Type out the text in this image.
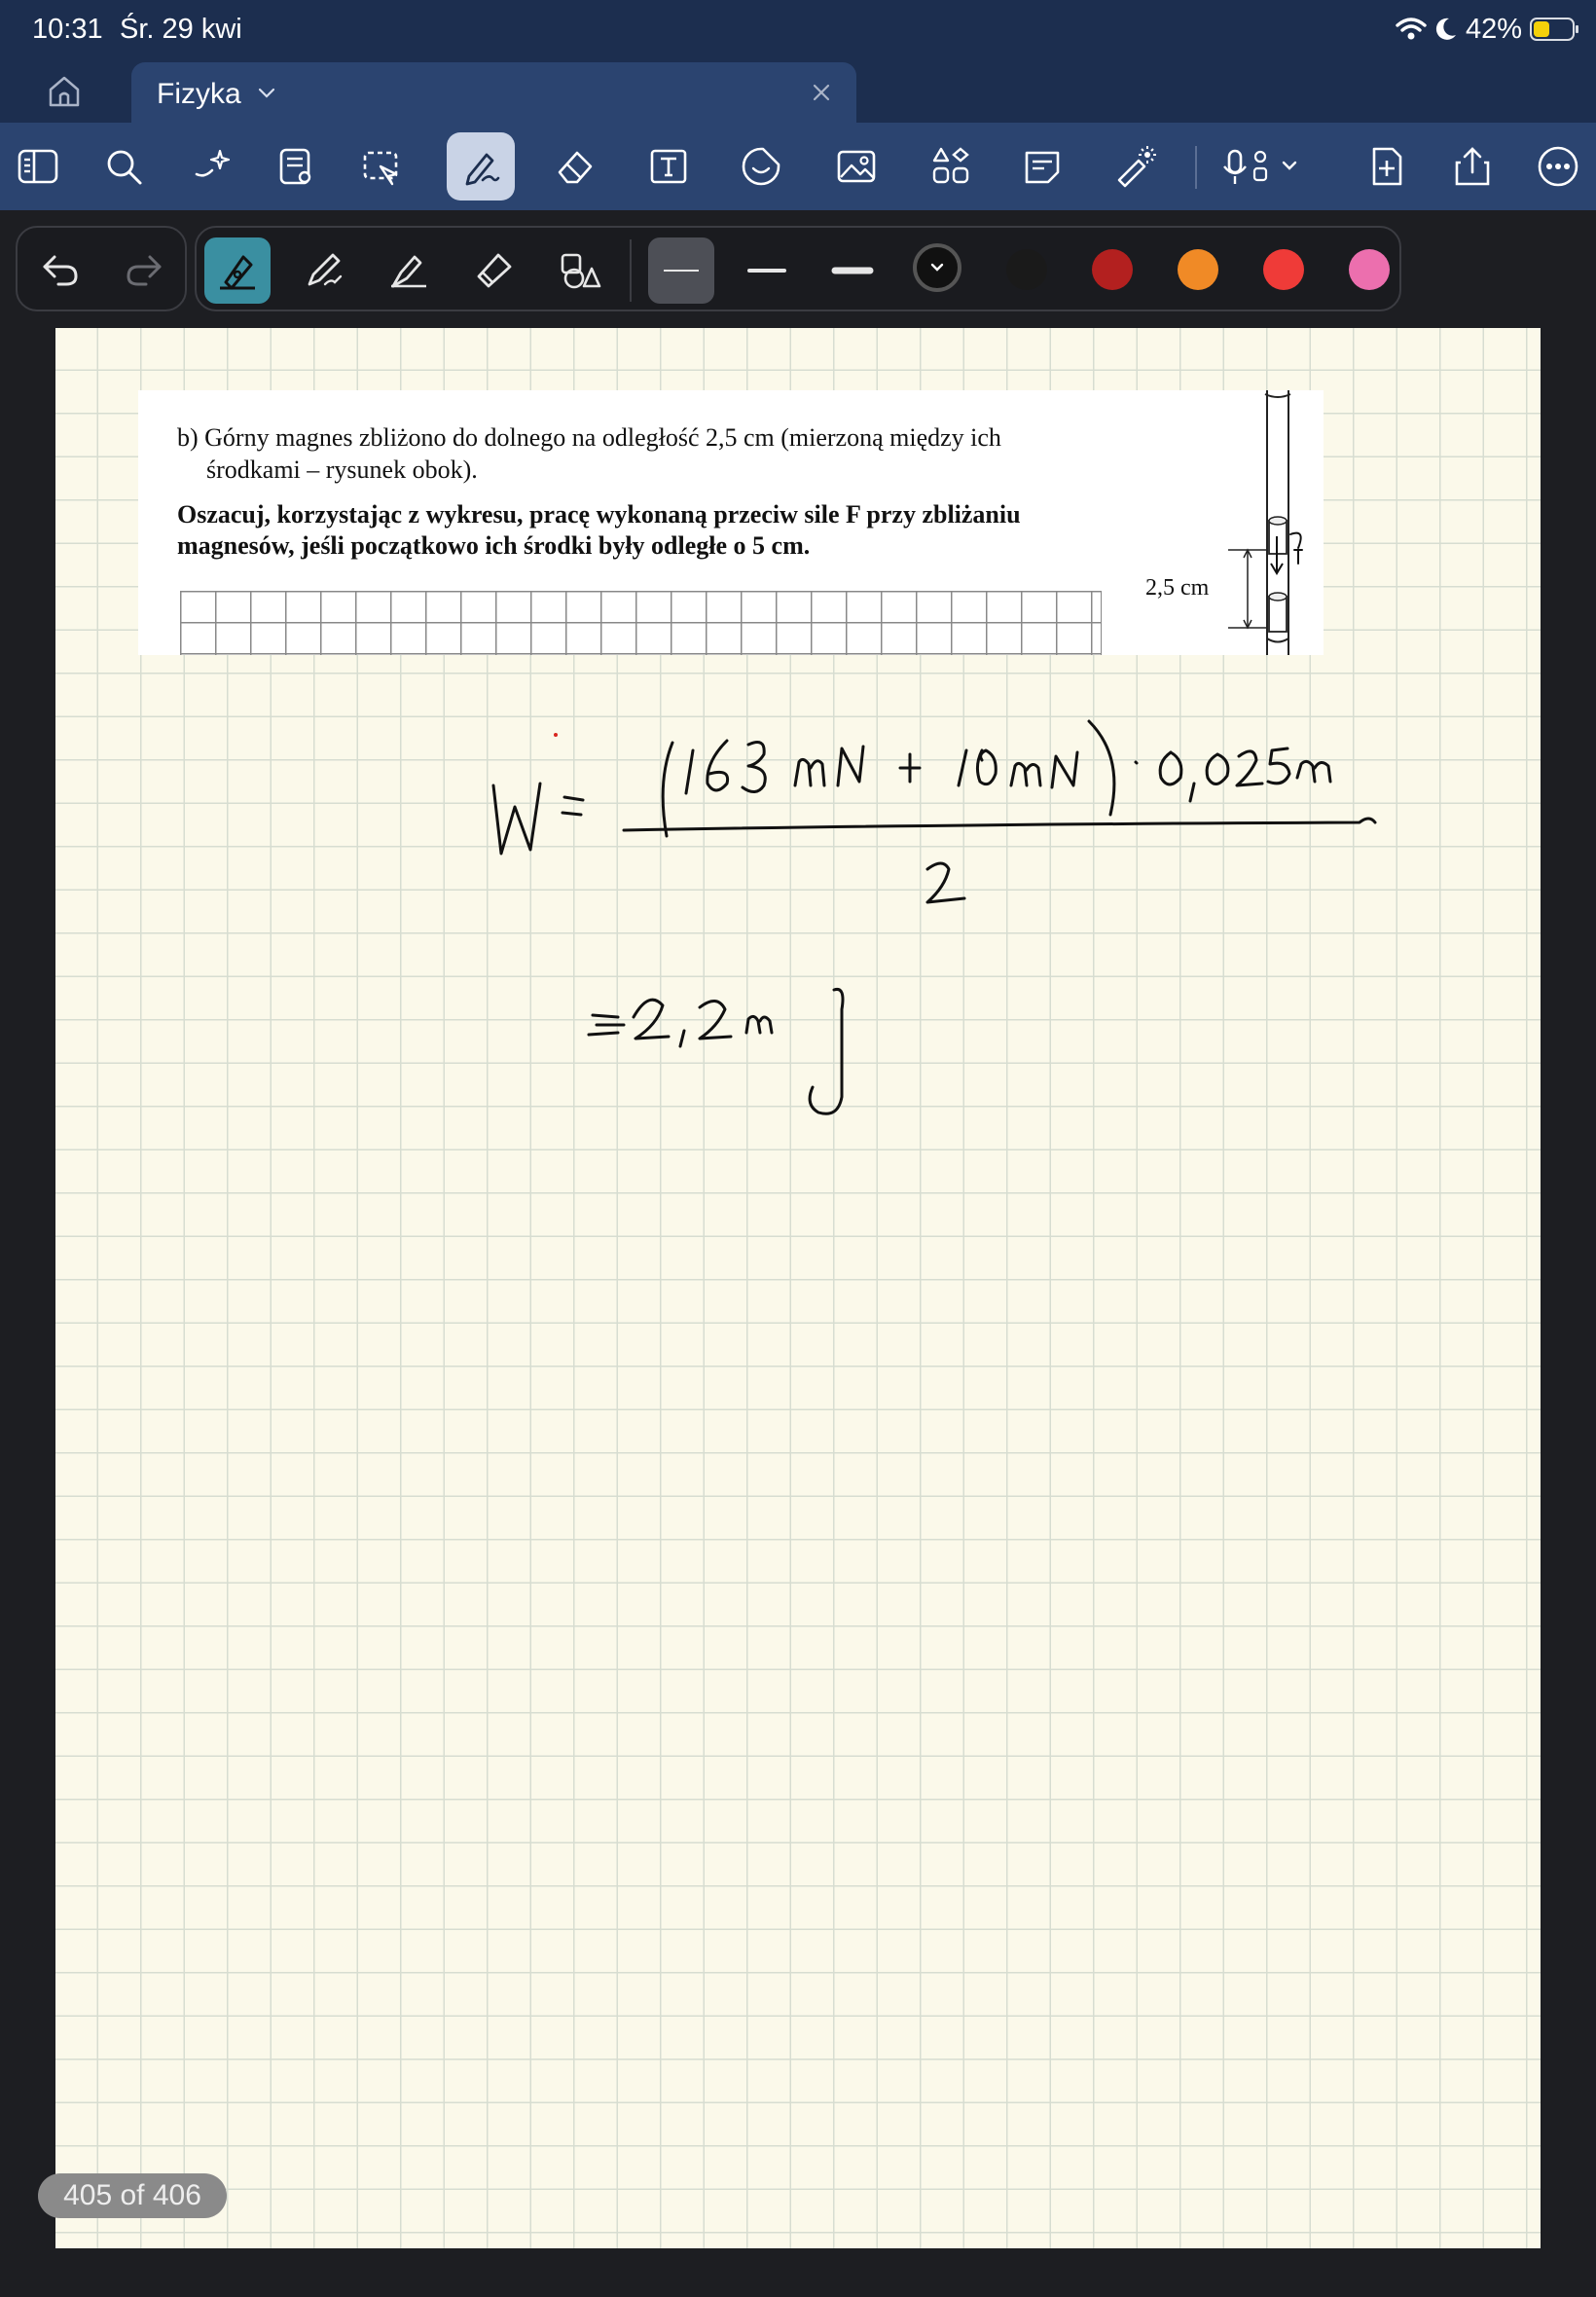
10:31 Śr. 29 kwi	42%
Fizyka
b) Górny magnes zbliżono do dolnego na odległość 2,5 cm (mierzoną między ich
środkami – rysunek obok).
Oszacuj, korzystając z wykresu, pracę wykonaną przeciw sile F przy zbliżaniu
magnesów, jeśli początkowo ich środki były odległe o 5 cm.
2,5 cm
405 of 406
